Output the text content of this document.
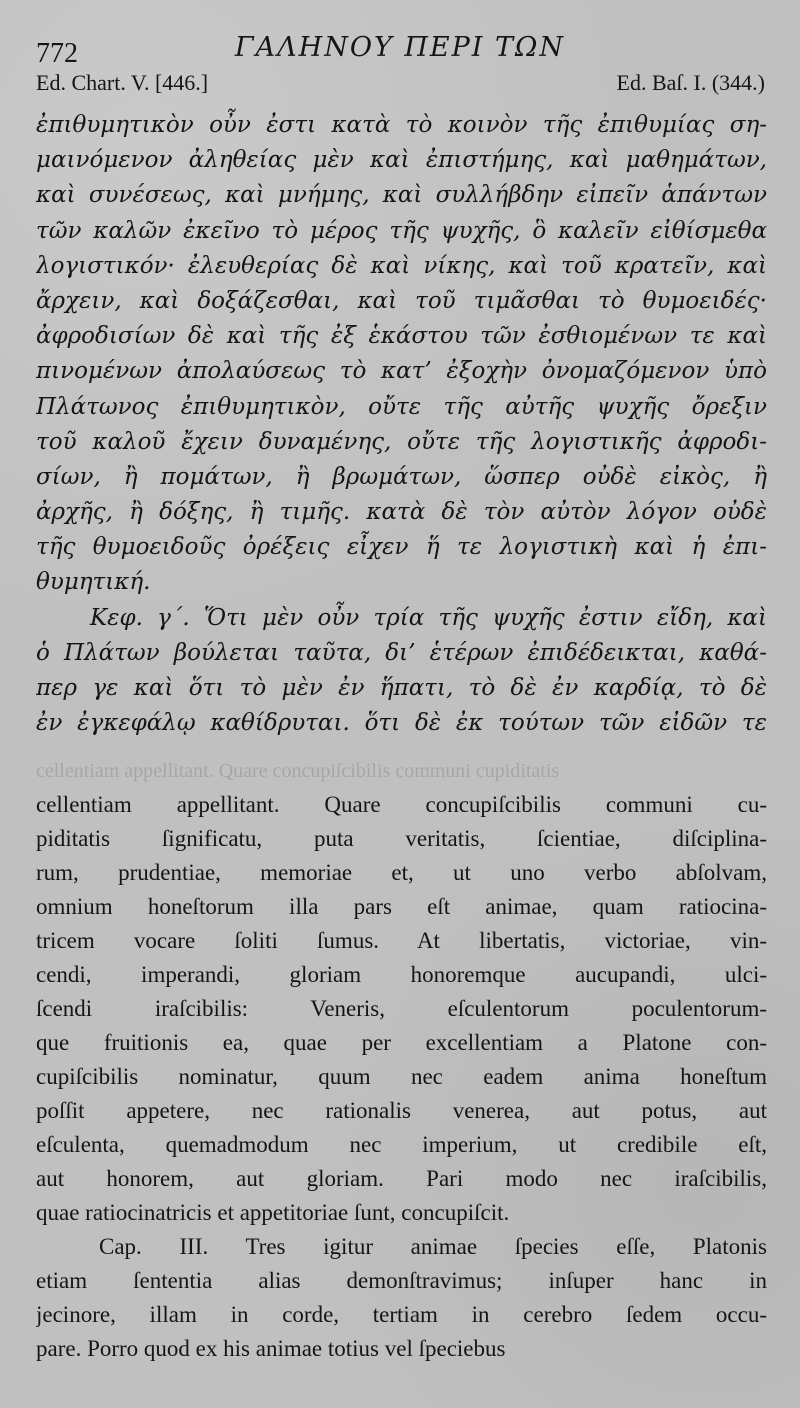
772	ΓΑΛΗΝΟΥ ΠΕΡΙ ΤΩΝ
Ed. Chart. V. [446.]	Ed. Baſ. I. (344.)
ἐπιθυμητικὸν οὖν ἐστι κατὰ τὸ κοινὸν τῆς ἐπιθυμίας ση-
μαινόμενον ἀληθείας μὲν καὶ ἐπιστήμης, καὶ μαθημάτων,
καὶ συνέσεως, καὶ μνήμης, καὶ συλλήβδην εἰπεῖν ἁπάντων
τῶν καλῶν ἐκεῖνο τὸ μέρος τῆς ψυχῆς, ὃ καλεῖν εἰθίσμεθα
λογιστικόν· ἐλευθερίας δὲ καὶ νίκης, καὶ τοῦ κρατεῖν, καὶ
ἄρχειν, καὶ δοξάζεσθαι, καὶ τοῦ τιμᾶσθαι τὸ θυμοειδές·
ἀφροδισίων δὲ καὶ τῆς ἐξ ἑκάστου τῶν ἐσθιομένων τε καὶ
πινομένων ἀπολαύσεως τὸ κατ’ ἐξοχὴν ὀνομαζόμενον ὑπὸ
Πλάτωνος ἐπιθυμητικὸν, οὔτε τῆς αὐτῆς ψυχῆς ὄρεξιν
τοῦ καλοῦ ἔχειν δυναμένης, οὔτε τῆς λογιστικῆς ἀφροδι-
σίων, ἢ πομάτων, ἢ βρωμάτων, ὥσπερ οὐδὲ εἰκὸς, ἢ
ἀρχῆς, ἢ δόξης, ἢ τιμῆς. κατὰ δὲ τὸν αὐτὸν λόγον οὐδὲ
τῆς θυμοειδοῦς ὀρέξεις εἶχεν ἥ τε λογιστικὴ καὶ ἡ ἐπι-
θυμητική.
Κεφ. γ΄. Ὅτι μὲν οὖν τρία τῆς ψυχῆς ἐστιν εἴδη, καὶ
ὁ Πλάτων βούλεται ταῦτα, δι’ ἑτέρων ἐπιδέδεικται, καθά-
περ γε καὶ ὅτι τὸ μὲν ἐν ἥπατι, τὸ δὲ ἐν καρδίᾳ, τὸ δὲ
ἐν ἐγκεφάλῳ καθίδρυται. ὅτι δὲ ἐκ τούτων τῶν εἰδῶν τε
cellentiam appellitant. Quare concupiſcibilis communi cupiditatis
cellentiam appellitant. Quare concupiſcibilis communi cu-
piditatis ſignificatu, puta veritatis, ſcientiae, diſciplina-
rum, prudentiae, memoriae et, ut uno verbo abſolvam,
omnium honeſtorum illa pars eſt animae, quam ratiocina-
tricem vocare ſoliti ſumus. At libertatis, victoriae, vin-
cendi, imperandi, gloriam honoremque aucupandi, ulci-
ſcendi iraſcibilis: Veneris, eſculentorum poculentorum-
que fruitionis ea, quae per excellentiam a Platone con-
cupiſcibilis nominatur, quum nec eadem anima honeſtum
poſſit appetere, nec rationalis venerea, aut potus, aut
eſculenta, quemadmodum nec imperium, ut credibile eſt,
aut honorem, aut gloriam. Pari modo nec iraſcibilis,
quae ratiocinatricis et appetitoriae ſunt, concupiſcit.
Cap. III. Tres igitur animae ſpecies eſſe, Platonis
etiam ſententia alias demonſtravimus; inſuper hanc in
jecinore, illam in corde, tertiam in cerebro ſedem occu-
pare. Porro quod ex his animae totius vel ſpeciebus
